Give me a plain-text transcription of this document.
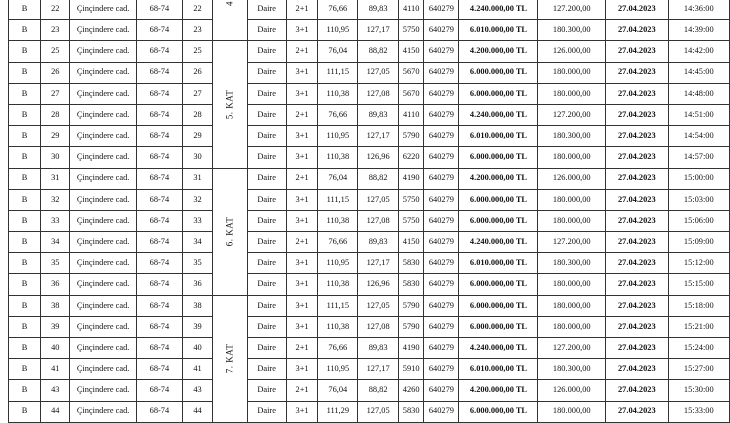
B	22	Çinçindere cad.	68-74	22	4	Daire	2+1	76,66	89,83	4110	640279	4.240.000,00 TL	127.200,00	27.04.2023	14:36:00
B	23	Çinçindere cad.	68-74	23		Daire	3+1	110,95	127,17	5750	640279	6.010.000,00 TL	180.300,00	27.04.2023	14:39:00
B	25	Çinçindere cad.	68-74	25	5. KAT	Daire	2+1	76,04	88,82	4150	640279	4.200.000,00 TL	126.000,00	27.04.2023	14:42:00
B	26	Çinçindere cad.	68-74	26		Daire	3+1	111,15	127,05	5670	640279	6.000.000,00 TL	180.000,00	27.04.2023	14:45:00
B	27	Çinçindere cad.	68-74	27		Daire	3+1	110,38	127,08	5670	640279	6.000.000,00 TL	180.000,00	27.04.2023	14:48:00
B	28	Çinçindere cad.	68-74	28		Daire	2+1	76,66	89,83	4110	640279	4.240.000,00 TL	127.200,00	27.04.2023	14:51:00
B	29	Çinçindere cad.	68-74	29		Daire	3+1	110,95	127,17	5790	640279	6.010.000,00 TL	180.300,00	27.04.2023	14:54:00
B	30	Çinçindere cad.	68-74	30		Daire	3+1	110,38	126,96	6220	640279	6.000.000,00 TL	180.000,00	27.04.2023	14:57:00
B	31	Çinçindere cad.	68-74	31	6. KAT	Daire	2+1	76,04	88,82	4190	640279	4.200.000,00 TL	126.000,00	27.04.2023	15:00:00
B	32	Çinçindere cad.	68-74	32		Daire	3+1	111,15	127,05	5750	640279	6.000.000,00 TL	180.000,00	27.04.2023	15:03:00
B	33	Çinçindere cad.	68-74	33		Daire	3+1	110,38	127,08	5750	640279	6.000.000,00 TL	180.000,00	27.04.2023	15:06:00
B	34	Çinçindere cad.	68-74	34		Daire	2+1	76,66	89,83	4150	640279	4.240.000,00 TL	127.200,00	27.04.2023	15:09:00
B	35	Çinçindere cad.	68-74	35		Daire	3+1	110,95	127,17	5830	640279	6.010.000,00 TL	180.300,00	27.04.2023	15:12:00
B	36	Çinçindere cad.	68-74	36		Daire	3+1	110,38	126,96	5830	640279	6.000.000,00 TL	180.000,00	27.04.2023	15:15:00
B	38	Çinçindere cad.	68-74	38	7. KAT	Daire	3+1	111,15	127,05	5790	640279	6.000.000,00 TL	180.000,00	27.04.2023	15:18:00
B	39	Çinçindere cad.	68-74	39		Daire	3+1	110,38	127,08	5790	640279	6.000.000,00 TL	180.000,00	27.04.2023	15:21:00
B	40	Çinçindere cad.	68-74	40		Daire	2+1	76,66	89,83	4190	640279	4.240.000,00 TL	127.200,00	27.04.2023	15:24:00
B	41	Çinçindere cad.	68-74	41		Daire	3+1	110,95	127,17	5910	640279	6.010.000,00 TL	180.300,00	27.04.2023	15:27:00
B	43	Çinçindere cad.	68-74	43		Daire	2+1	76,04	88,82	4260	640279	4.200.000,00 TL	126.000,00	27.04.2023	15:30:00
B	44	Çinçindere cad.	68-74	44		Daire	3+1	111,29	127,05	5830	640279	6.000.000,00 TL	180.000,00	27.04.2023	15:33:00
